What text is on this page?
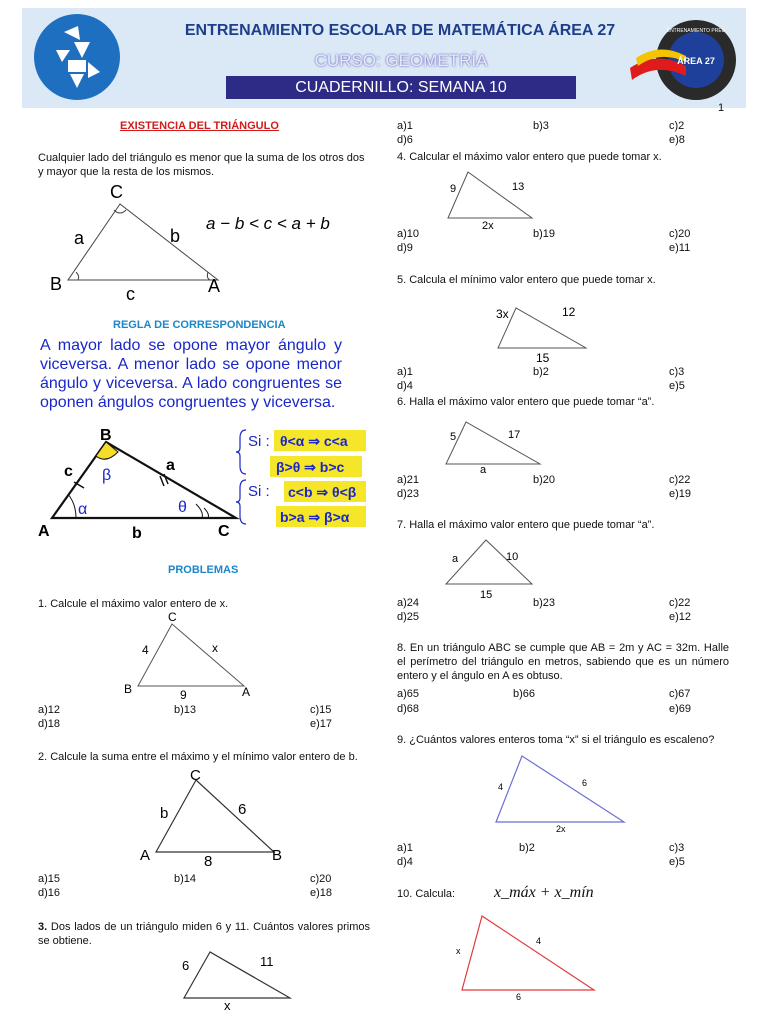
ENTRENAMIENTO ESCOLAR DE MATEMÁTICA ÁREA 27
CURSO: GEOMETRÍA
CUADERNILLO: SEMANA 10
ÁREA 27
ENTRENAMIENTO PREU
1
EXISTENCIA DEL TRIÁNGULO
Cualquier lado del triángulo es menor que la suma de los otros dos y mayor que la resta de los mismos.
C
B	A
a	b
c
a − b < c < a + b
REGLA DE CORRESPONDENCIA
A mayor lado se opone mayor ángulo y viceversa. A menor lado se opone menor ángulo y viceversa. A lado congruentes se oponen ángulos congruentes y viceversa.
B
A	C
c	a
b
α
β
θ
Si :
Si :
θ<α ⇒ c<a
β>θ ⇒ b>c
c<b ⇒ θ<β
b>a ⇒ β>α
PROBLEMAS
1. Calcule el máximo valor entero de x.
C
B	A
4	x
9
a)12	b)13	c)15
d)18	e)17
2. Calcule la suma entre el máximo y el mínimo valor entero de b.
C
A	B
b	6
8
a)15	b)14	c)20
d)16	e)18
3. Dos lados de un triángulo miden 6 y 11. Cuántos valores primos se obtiene.
6	11
x
a)1	b)3	c)2
d)6	e)8
4. Calcular el máximo valor entero que puede tomar x.
9	13
2x
a)10	b)19	c)20
d)9	e)11
5. Calcula el mínimo valor entero que puede tomar x.
3x	12
15
a)1	b)2	c)3
d)4	e)5
6. Halla el máximo valor entero que puede tomar “a”.
5	17
a
a)21	b)20	c)22
d)23	e)19
7. Halla el máximo valor entero que puede tomar “a”.
a	10
15
a)24	b)23	c)22
d)25	e)12
8. En un triángulo ABC se cumple que AB = 2m y AC = 32m. Halle el perímetro del triángulo en metros, sabiendo que es un número entero y el ángulo en A es obtuso.
a)65	b)66	c)67
d)68	e)69
9. ¿Cuántos valores enteros toma “x” si el triángulo es escaleno?
4	6
2x
a)1	b)2	c)3
d)4	e)5
10. Calcula: x_máx + x_mín
x
4
6
